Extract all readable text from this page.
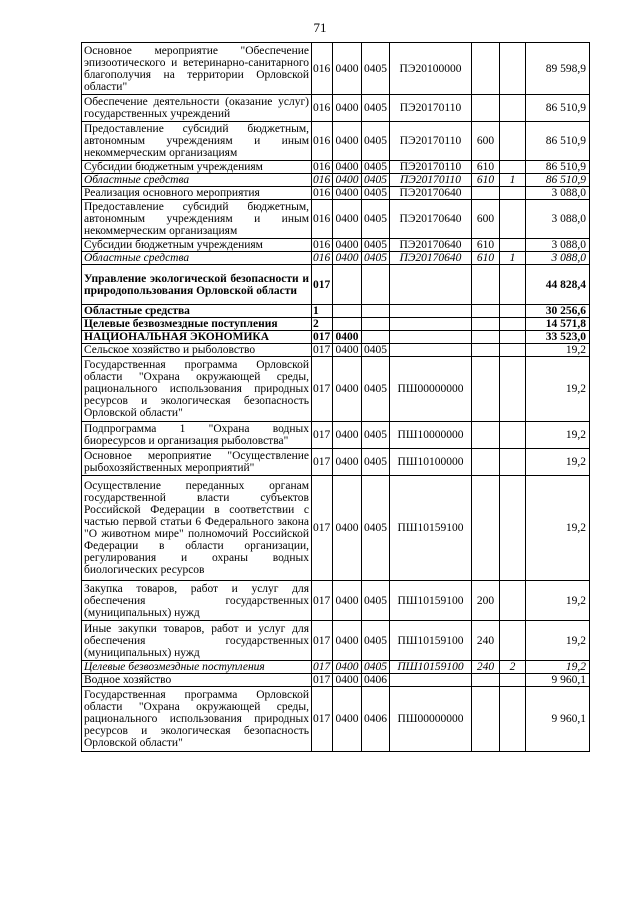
71
Основное мероприятие "Обеспечение эпизоотического и ветеринарно-санитарного благополучия на территории Орловской области"	016	0400	0405	ПЭ20100000			89 598,9
Обеспечение деятельности (оказание услуг) государственных учреждений	016	0400	0405	ПЭ20170110			86 510,9
Предоставление субсидий бюджетным, автономным учреждениям и иным некоммерческим организациям	016	0400	0405	ПЭ20170110	600		86 510,9
Субсидии бюджетным учреждениям	016	0400	0405	ПЭ20170110	610		86 510,9
Областные средства	016	0400	0405	ПЭ20170110	610	1	86 510,9
Реализация основного мероприятия	016	0400	0405	ПЭ20170640			3 088,0
Предоставление субсидий бюджетным, автономным учреждениям и иным некоммерческим организациям	016	0400	0405	ПЭ20170640	600		3 088,0
Субсидии бюджетным учреждениям	016	0400	0405	ПЭ20170640	610		3 088,0
Областные средства	016	0400	0405	ПЭ20170640	610	1	3 088,0
Управление экологической безопасности и природопользования Орловской области	017						44 828,4
Областные средства	1						30 256,6
Целевые безвозмездные поступления	2						14 571,8
НАЦИОНАЛЬНАЯ ЭКОНОМИКА	017	0400					33 523,0
Сельское хозяйство и рыболовство	017	0400	0405				19,2
Государственная программа Орловской области "Охрана окружающей среды, рационального использования природных ресурсов и экологическая безопасность Орловской области"	017	0400	0405	ПШ00000000			19,2
Подпрограмма 1 "Охрана водных биоресурсов и организация рыболовства"	017	0400	0405	ПШ10000000			19,2
Основное мероприятие "Осуществление рыбохозяйственных мероприятий"	017	0400	0405	ПШ10100000			19,2
Осуществление переданных органам государственной власти субъектов Российской Федерации в соответствии с частью первой статьи 6 Федерального закона "О животном мире" полномочий Российской Федерации в области организации, регулирования и охраны водных биологических ресурсов	017	0400	0405	ПШ10159100			19,2
Закупка товаров, работ и услуг для обеспечения государственных (муниципальных) нужд	017	0400	0405	ПШ10159100	200		19,2
Иные закупки товаров, работ и услуг для обеспечения государственных (муниципальных) нужд	017	0400	0405	ПШ10159100	240		19,2
Целевые безвозмездные поступления	017	0400	0405	ПШ10159100	240	2	19,2
Водное хозяйство	017	0400	0406				9 960,1
Государственная программа Орловской области "Охрана окружающей среды, рационального использования природных ресурсов и экологическая безопасность Орловской области"	017	0400	0406	ПШ00000000			9 960,1
